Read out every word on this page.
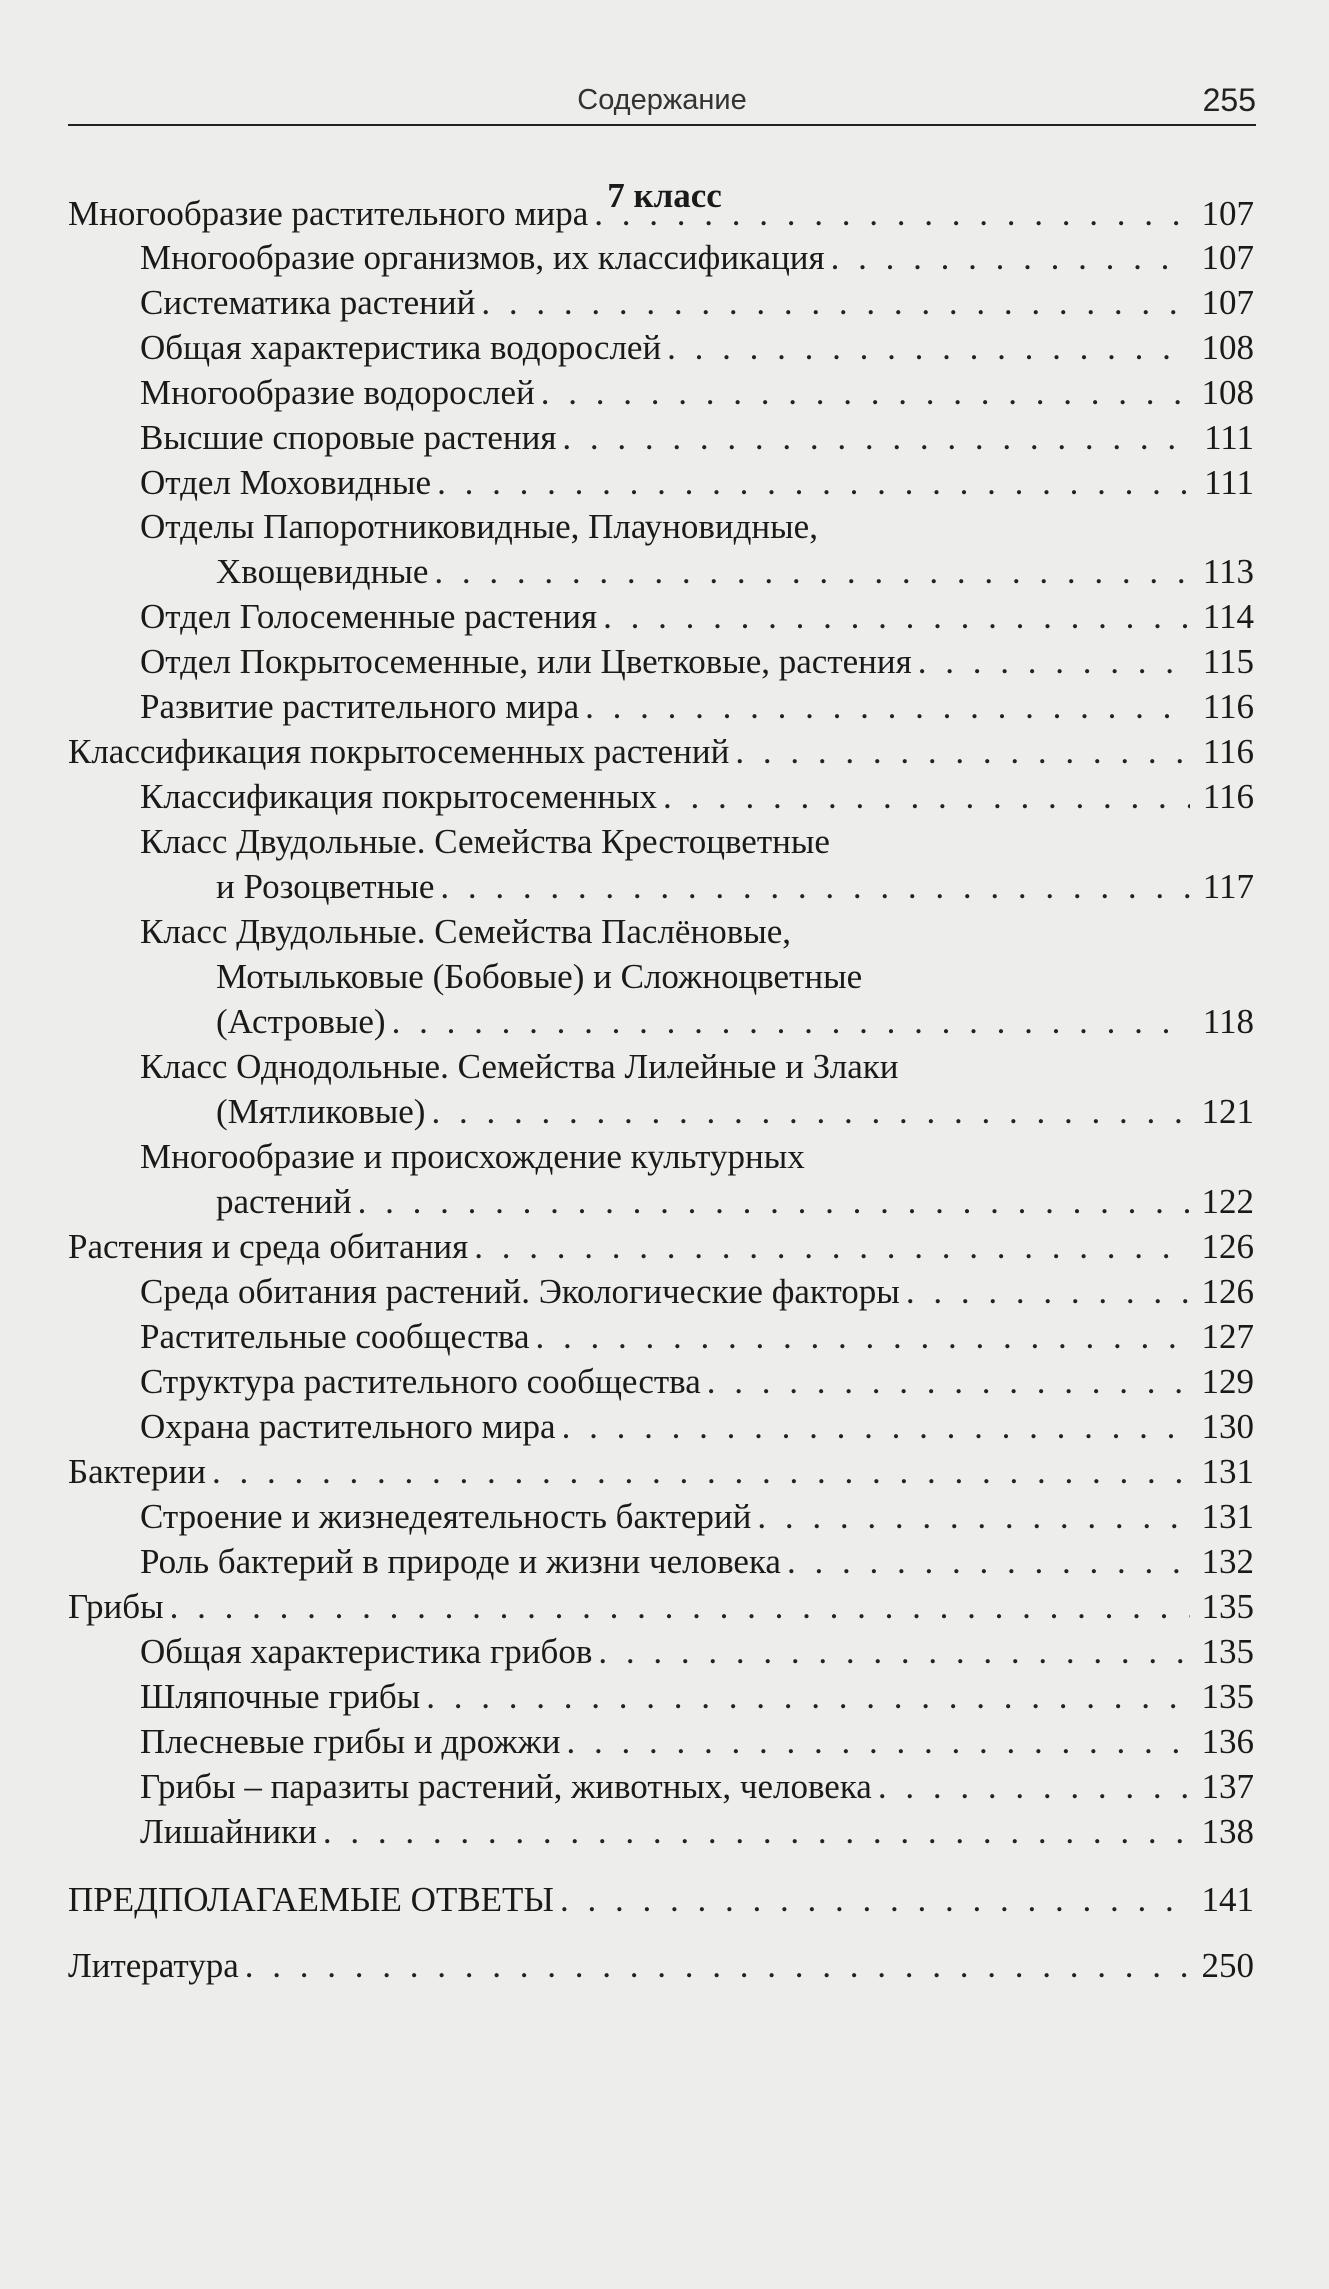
Содержание	255
7 класс
Многообразие растительного мира . . .	107
Многообразие организмов, их классификация . . .	107
Систематика растений . . .	107
Общая характеристика водорослей . . .	108
Многообразие водорослей . . .	108
Высшие споровые растения . . .	111
Отдел Моховидные . . .	111
Отделы Папоротниковидные, Плауновидные,
Хвощевидные . . .	113
Отдел Голосеменные растения . . .	114
Отдел Покрытосеменные, или Цветковые, растения . . .	115
Развитие растительного мира . . .	116
Классификация покрытосеменных растений . . .	116
Классификация покрытосеменных . . .	116
Класс Двудольные. Семейства Крестоцветные
и Розоцветные . . .	117
Класс Двудольные. Семейства Паслёновые,
Мотыльковые (Бобовые) и Сложноцветные
(Астровые) . . .	118
Класс Однодольные. Семейства Лилейные и Злаки
(Мятликовые) . . .	121
Многообразие и происхождение культурных
растений . . .	122
Растения и среда обитания . . .	126
Среда обитания растений. Экологические факторы . . .	126
Растительные сообщества . . .	127
Структура растительного сообщества . . .	129
Охрана растительного мира . . .	130
Бактерии . . .	131
Строение и жизнедеятельность бактерий . . .	131
Роль бактерий в природе и жизни человека . . .	132
Грибы . . .	135
Общая характеристика грибов . . .	135
Шляпочные грибы . . .	135
Плесневые грибы и дрожжи . . .	136
Грибы – паразиты растений, животных, человека . . .	137
Лишайники . . .	138
ПРЕДПОЛАГАЕМЫЕ ОТВЕТЫ . . .	141
Литература . . .	250
